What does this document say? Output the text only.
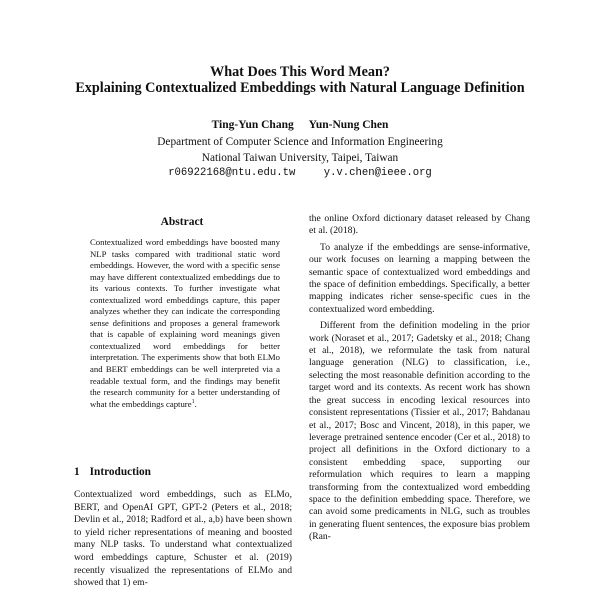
What Does This Word Mean?
Explaining Contextualized Embeddings with Natural Language Definition
Ting-Yun Chang Yun-Nung Chen
Department of Computer Science and Information Engineering
National Taiwan University, Taipei, Taiwan
r06922168@ntu.edu.tw	y.v.chen@ieee.org
Abstract
Contextualized word embeddings have boosted many NLP tasks compared with traditional static word embeddings. However, the word with a specific sense may have different contextualized embeddings due to its various contexts. To further investigate what contextualized word embeddings capture, this paper analyzes whether they can indicate the corresponding sense definitions and proposes a general framework that is capable of explaining word meanings given contextualized word embeddings for better interpretation. The experiments show that both ELMo and BERT embeddings can be well interpreted via a readable textual form, and the findings may benefit the research community for a better understanding of what the embeddings capture$^1$.
1 Introduction
Contextualized word embeddings, such as ELMo, BERT, and OpenAI GPT, GPT-2 (Peters et al., 2018; Devlin et al., 2018; Radford et al., a,b) have been shown to yield richer representations of meaning and boosted many NLP tasks. To understand what contextualized word embeddings capture, Schuster et al. (2019) recently visualized the representations of ELMo and showed that 1) em-

the online Oxford dictionary dataset released by Chang et al. (2018).

To analyze if the embeddings are sense-informative, our work focuses on learning a mapping between the semantic space of contextualized word embeddings and the space of definition embeddings. Specifically, a better mapping indicates richer sense-specific cues in the contextualized word embedding.

Different from the definition modeling in the prior work (Noraset et al., 2017; Gadetsky et al., 2018; Chang et al., 2018), we reformulate the task from natural language generation (NLG) to classification, i.e., selecting the most reasonable definition according to the target word and its contexts. As recent work has shown the great success in encoding lexical resources into consistent representations (Tissier et al., 2017; Bahdanau et al., 2017; Bosc and Vincent, 2018), in this paper, we leverage pretrained sentence encoder (Cer et al., 2018) to project all definitions in the Oxford dictionary to a consistent embedding space, supporting our reformulation which requires to learn a mapping transforming from the contextualized word embedding space to the definition embedding space. Therefore, we can avoid some predicaments in NLG, such as troubles in generating fluent sentences, the exposure bias problem (Ran-
